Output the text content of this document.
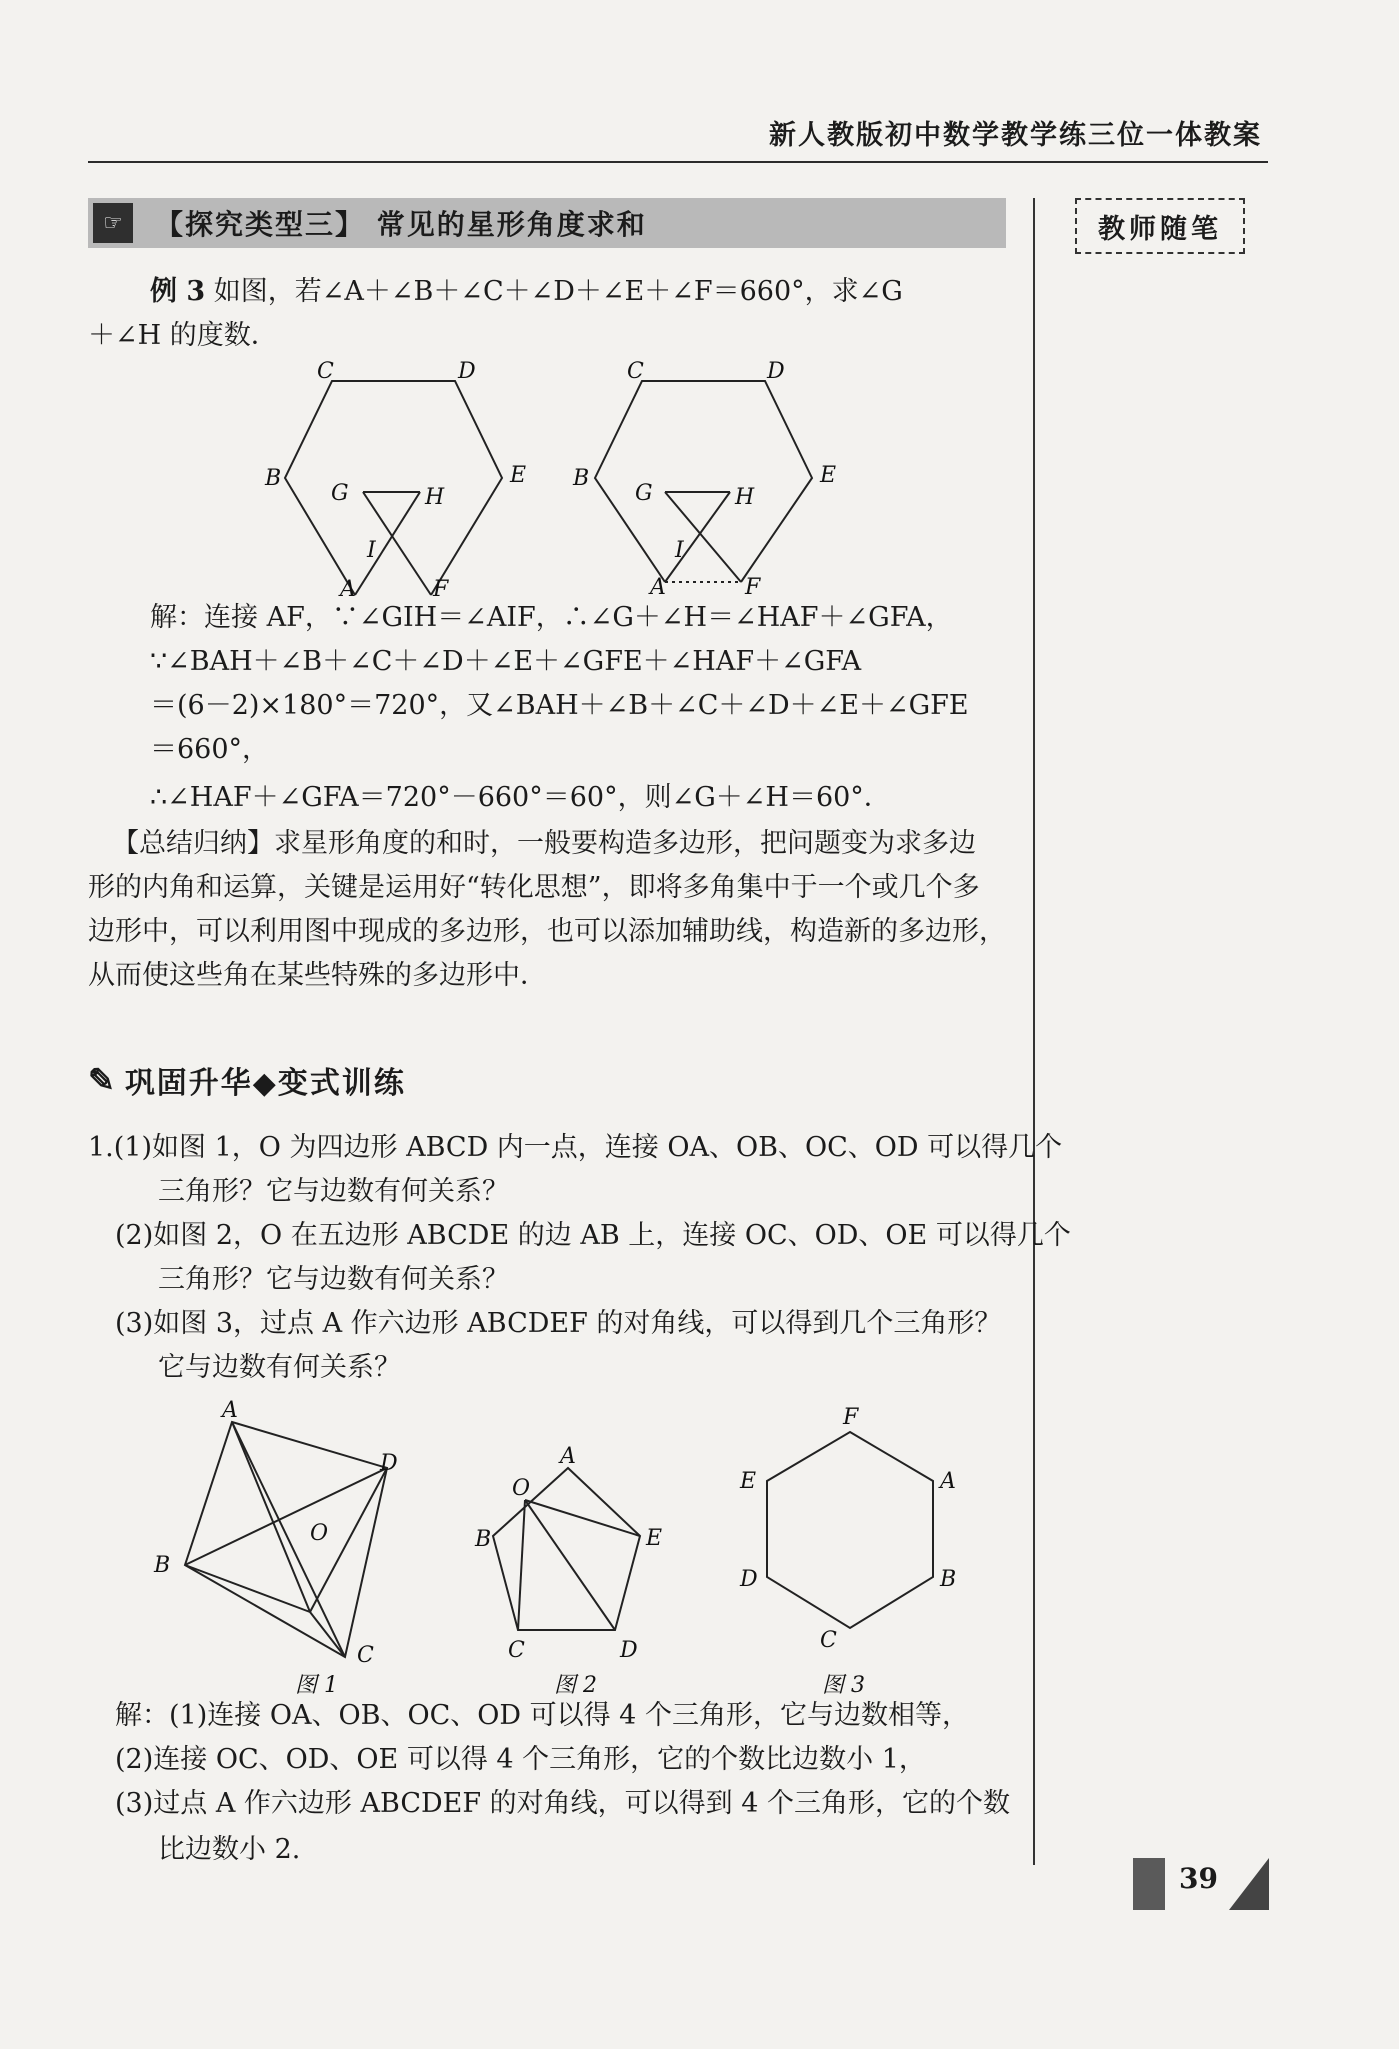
新人教版初中数学教学练三位一体教案
☞	【探究类型三】 常见的星形角度求和	教师随笔
例 3 如图，若∠A＋∠B＋∠C＋∠D＋∠E＋∠F＝660°，求∠G
＋∠H 的度数．
C	D
B	E
G	H
I
A	F
C	D
B	E
G	H
I
A	F
解：连接 AF，∵∠GIH＝∠AIF，∴∠G＋∠H＝∠HAF＋∠GFA，
∵∠BAH＋∠B＋∠C＋∠D＋∠E＋∠GFE＋∠HAF＋∠GFA
＝(6－2)×180°＝720°，又∠BAH＋∠B＋∠C＋∠D＋∠E＋∠GFE
＝660°，
∴∠HAF＋∠GFA＝720°－660°＝60°，则∠G＋∠H＝60°．
【总结归纳】求星形角度的和时，一般要构造多边形，把问题变为求多边
形的内角和运算，关键是运用好“转化思想”，即将多角集中于一个或几个多
边形中，可以利用图中现成的多边形，也可以添加辅助线，构造新的多边形，
从而使这些角在某些特殊的多边形中．
✎ 巩固升华◆变式训练
1.(1)如图 1，O 为四边形 ABCD 内一点，连接 OA、OB、OC、OD 可以得几个
三角形？它与边数有何关系？
(2)如图 2，O 在五边形 ABCDE 的边 AB 上，连接 OC、OD、OE 可以得几个
三角形？它与边数有何关系？
(3)如图 3，过点 A 作六边形 ABCDEF 的对角线，可以得到几个三角形？
它与边数有何关系？
A
D
B
O
C
图 1
A
O
B	E
C	D
图 2
F
E	A
D	B
C
图 3
解：(1)连接 OA、OB、OC、OD 可以得 4 个三角形，它与边数相等，
(2)连接 OC、OD、OE 可以得 4 个三角形，它的个数比边数小 1，
(3)过点 A 作六边形 ABCDEF 的对角线，可以得到 4 个三角形，它的个数
比边数小 2.
39
